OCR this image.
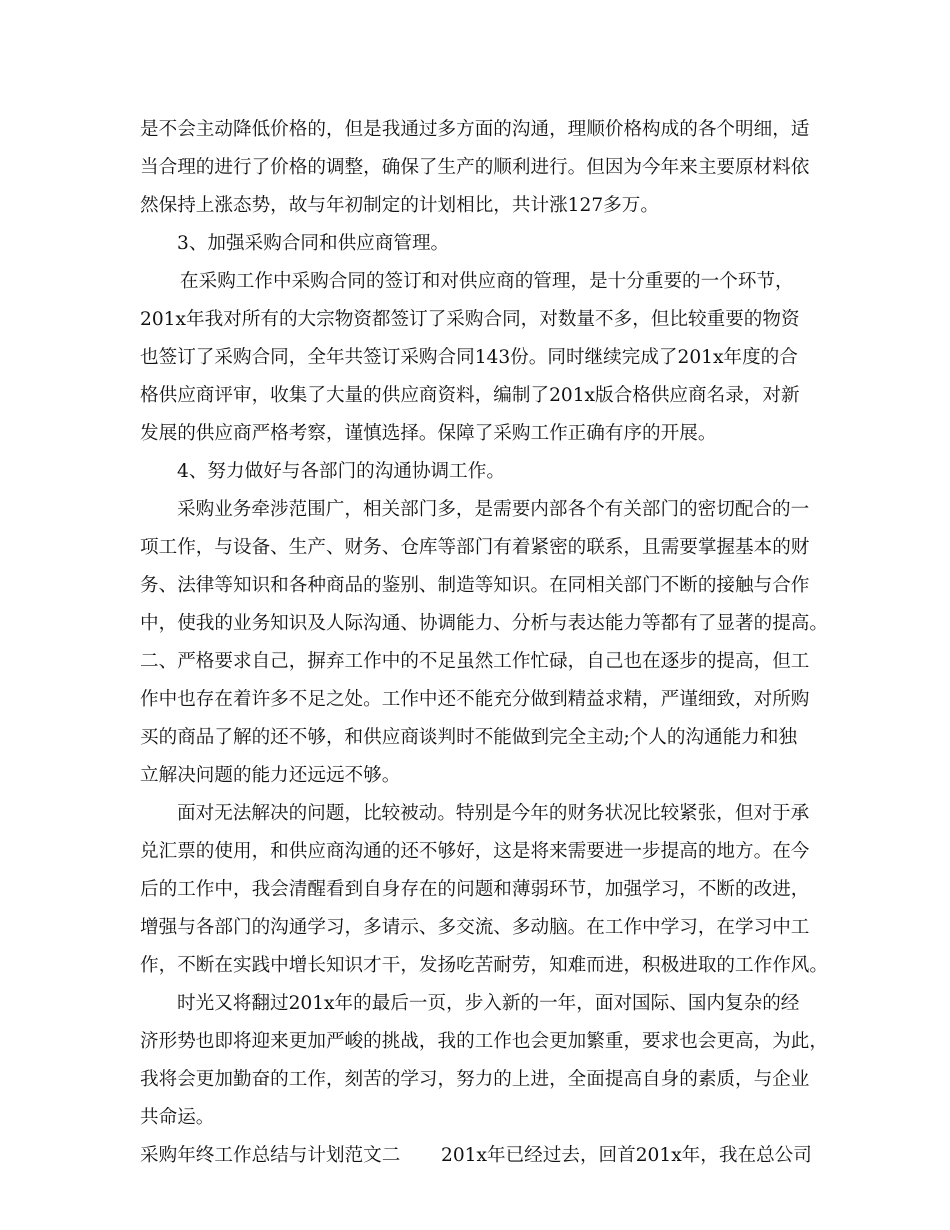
是不会主动降低价格的，但是我通过多方面的沟通，理顺价格构成的各个明细，适
当合理的进行了价格的调整，确保了生产的顺利进行。但因为今年来主要原材料依
然保持上涨态势，故与年初制定的计划相比，共计涨127多万。
3、加强采购合同和供应商管理。
在采购工作中采购合同的签订和对供应商的管理，是十分重要的一个环节，
201x年我对所有的大宗物资都签订了采购合同，对数量不多，但比较重要的物资
也签订了采购合同，全年共签订采购合同143份。同时继续完成了201x年度的合
格供应商评审，收集了大量的供应商资料，编制了201x版合格供应商名录，对新
发展的供应商严格考察，谨慎选择。保障了采购工作正确有序的开展。
4、努力做好与各部门的沟通协调工作。
采购业务牵涉范围广，相关部门多，是需要内部各个有关部门的密切配合的一
项工作，与设备、生产、财务、仓库等部门有着紧密的联系，且需要掌握基本的财
务、法律等知识和各种商品的鉴别、制造等知识。在同相关部门不断的接触与合作
中，使我的业务知识及人际沟通、协调能力、分析与表达能力等都有了显著的提高。
二、严格要求自己，摒弃工作中的不足虽然工作忙碌，自己也在逐步的提高，但工
作中也存在着许多不足之处。工作中还不能充分做到精益求精，严谨细致，对所购
买的商品了解的还不够，和供应商谈判时不能做到完全主动;个人的沟通能力和独
立解决问题的能力还远远不够。
面对无法解决的问题，比较被动。特别是今年的财务状况比较紧张，但对于承
兑汇票的使用，和供应商沟通的还不够好，这是将来需要进一步提高的地方。在今
后的工作中，我会清醒看到自身存在的问题和薄弱环节，加强学习，不断的改进，
增强与各部门的沟通学习，多请示、多交流、多动脑。在工作中学习，在学习中工
作，不断在实践中增长知识才干，发扬吃苦耐劳，知难而进，积极进取的工作作风。
时光又将翻过201x年的最后一页，步入新的一年，面对国际、国内复杂的经
济形势也即将迎来更加严峻的挑战，我的工作也会更加繁重，要求也会更高，为此，
我将会更加勤奋的工作，刻苦的学习，努力的上进，全面提高自身的素质，与企业
共命运。
采购年终工作总结与计划范文二 201x年已经过去，回首201x年，我在总公司
